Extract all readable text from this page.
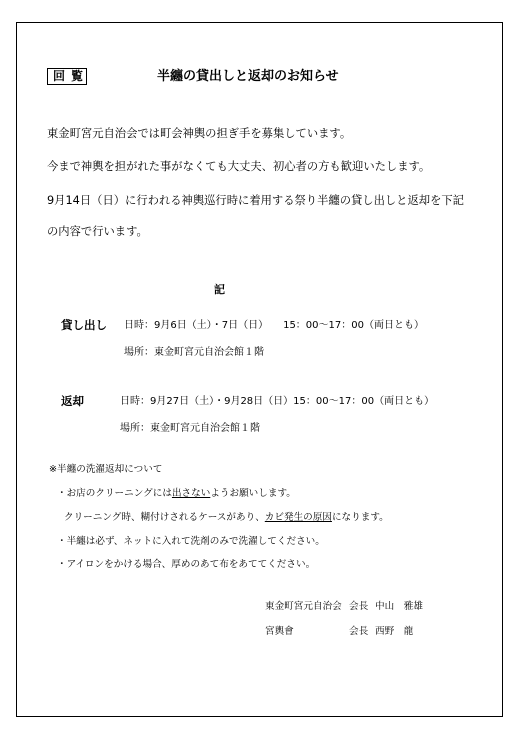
回覧	半纏の貸出しと返却のお知らせ
東金町宮元自治会では町会神輿の担ぎ手を募集しています。
今まで神輿を担がれた事がなくても大丈夫、初心者の方も歓迎いたします。
9月14日（日）に行われる神輿巡行時に着用する祭り半纏の貸し出しと返却を下記
の内容で行います。
記
貸し出し 日時：9月6日（土）・7日（日）　　15：00～17：00（両日とも）
場所：東金町宮元自治会館１階
返却	日時：9月27日（土）・9月28日（日）15：00～17：00（両日とも）
場所：東金町宮元自治会館１階
※半纏の洗濯返却について
・お店のクリーニングには出さないようお願いします。
クリーニング時、糊付けされるケースがあり、カビ発生の原因になります。
・半纏は必ず、ネットに入れて洗剤のみで洗濯してください。
・アイロンをかける場合、厚めのあて布をあててください。
東金町宮元自治会 会長 中山　雅雄
宮輿會	会長 西野　龍
